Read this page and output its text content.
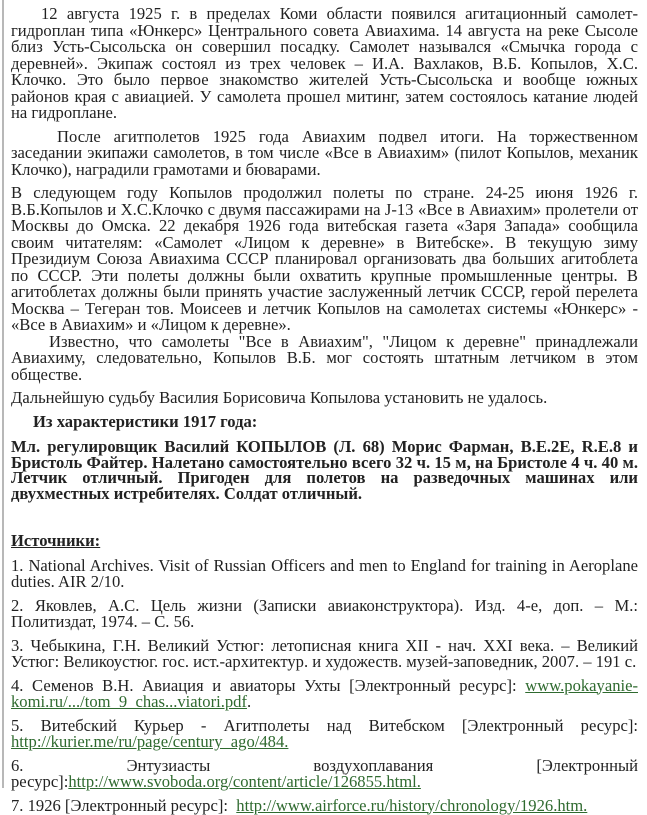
12 августа 1925 г. в пределах Коми области появился агитационный самолет-гидроплан типа «Юнкерс» Центрального совета Авиахима. 14 августа на реке Сысоле близ Усть-Сысольска он совершил посадку. Самолет назывался «Смычка города с деревней». Экипаж состоял из трех человек – И.А. Вахлаков, В.Б. Копылов, Х.С. Клочко. Это было первое знакомство жителей Усть-Сысольска и вообще южных районов края с авиацией. У самолета прошел митинг, затем состоялось катание людей на гидроплане.

После агитполетов 1925 года Авиахим подвел итоги. На торжественном заседании экипажи самолетов, в том числе «Все в Авиахим» (пилот Копылов, механик Клочко), наградили грамотами и бюварами.

В следующем году Копылов продолжил полеты по стране. 24-25 июня 1926 г. В.Б.Копылов и Х.С.Клочко с двумя пассажирами на J-13 «Все в Авиахим» пролетели от Москвы до Омска. 22 декабря 1926 года витебская газета «Заря Запада» сообщила своим читателям: «Самолет «Лицом к деревне» в Витебске». В текущую зиму Президиум Союза Авиахима СССР планировал организовать два больших агитоблета по СССР. Эти полеты должны были охватить крупные промышленные центры. В агитоблетах должны были принять участие заслуженный летчик СССР, герой перелета Москва – Тегеран тов. Моисеев и летчик Копылов на самолетах системы «Юнкерс» - «Все в Авиахим» и «Лицом к деревне».

Известно, что самолеты "Все в Авиахим", "Лицом к деревне" принадлежали Авиахиму, следовательно, Копылов В.Б. мог состоять штатным летчиком в этом обществе.

Дальнейшую судьбу Василия Борисовича Копылова установить не удалось.

Из характеристики 1917 года:

Мл. регулировщик Василий КОПЫЛОВ (Л. 68) Морис Фарман, B.E.2E, R.E.8 и Бристоль Файтер. Налетано самостоятельно всего 32 ч. 15 м, на Бристоле 4 ч. 40 м. Летчик отличный. Пригоден для полетов на разведочных машинах или двухместных истребителях. Солдат отличный.

Источники:

1. National Archives. Visit of Russian Officers and men to England for training in Aeroplane duties. AIR 2/10.

2. Яковлев, А.С. Цель жизни (Записки авиаконструктора). Изд. 4-е, доп. – М.: Политиздат, 1974. – С. 56.

3. Чебыкина, Г.Н. Великий Устюг: летописная книга XII - нач. XXI века. – Великий Устюг: Великоустюг. гос. ист.-архитектур. и художеств. музей-заповедник, 2007. – 191 с.

4. Семенов В.Н. Авиация и авиаторы Ухты [Электронный ресурс]: www.pokayanie-komi.ru/.../tom_9_chas...viatori.pdf.

5. Витебский Курьер - Агитполеты над Витебском [Электронный ресурс]: http://kurier.me/ru/page/century_ago/484.

6. Энтузиасты воздухоплавания [Электронный

ресурс]:http://www.svoboda.org/content/article/126855.html.

7. 1926 [Электронный ресурс]:  http://www.airforce.ru/history/chronology/1926.htm.
